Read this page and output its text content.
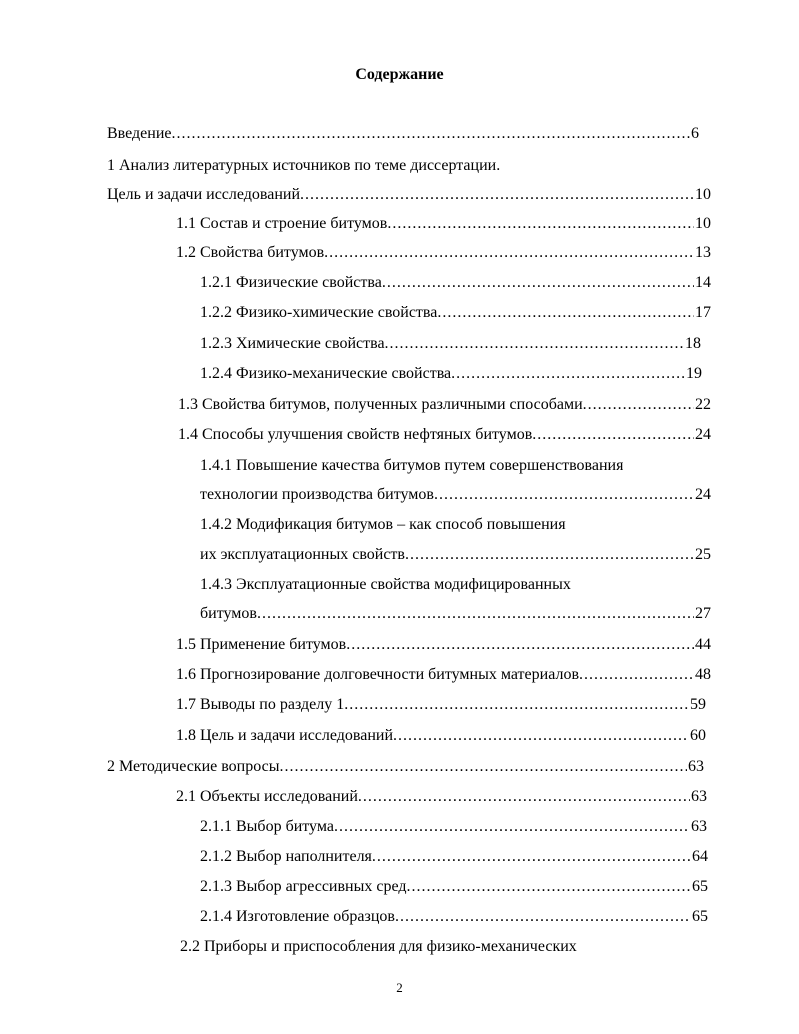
Содержание
Введение .....	6
1 Анализ литературных источников по теме диссертации.
Цель и задачи исследований .....	10
1.1 Состав и строение битумов .....	10
1.2 Свойства битумов .....	13
1.2.1 Физические свойства .....	14
1.2.2 Физико-химические свойства .....	17
1.2.3 Химические свойства .....	18
1.2.4 Физико-механические свойства .....	19
1.3 Свойства битумов, полученных различными способами .....	22
1.4 Способы улучшения свойств нефтяных битумов .....	24
1.4.1 Повышение качества битумов путем совершенствования
технологии производства битумов .....	24
1.4.2 Модификация битумов – как способ повышения
их эксплуатационных свойств .....	25
1.4.3 Эксплуатационные свойства модифицированных
битумов .....	27
1.5 Применение битумов .....	44
1.6 Прогнозирование долговечности битумных материалов .....	48
1.7 Выводы по разделу 1 .....	59
1.8 Цель и задачи исследований .....	60
2 Методические вопросы .....	63
2.1 Объекты исследований .....	63
2.1.1 Выбор битума .....	63
2.1.2 Выбор наполнителя .....	64
2.1.3 Выбор агрессивных сред .....	65
2.1.4 Изготовление образцов .....	65
2.2 Приборы и приспособления для физико-механических
2
